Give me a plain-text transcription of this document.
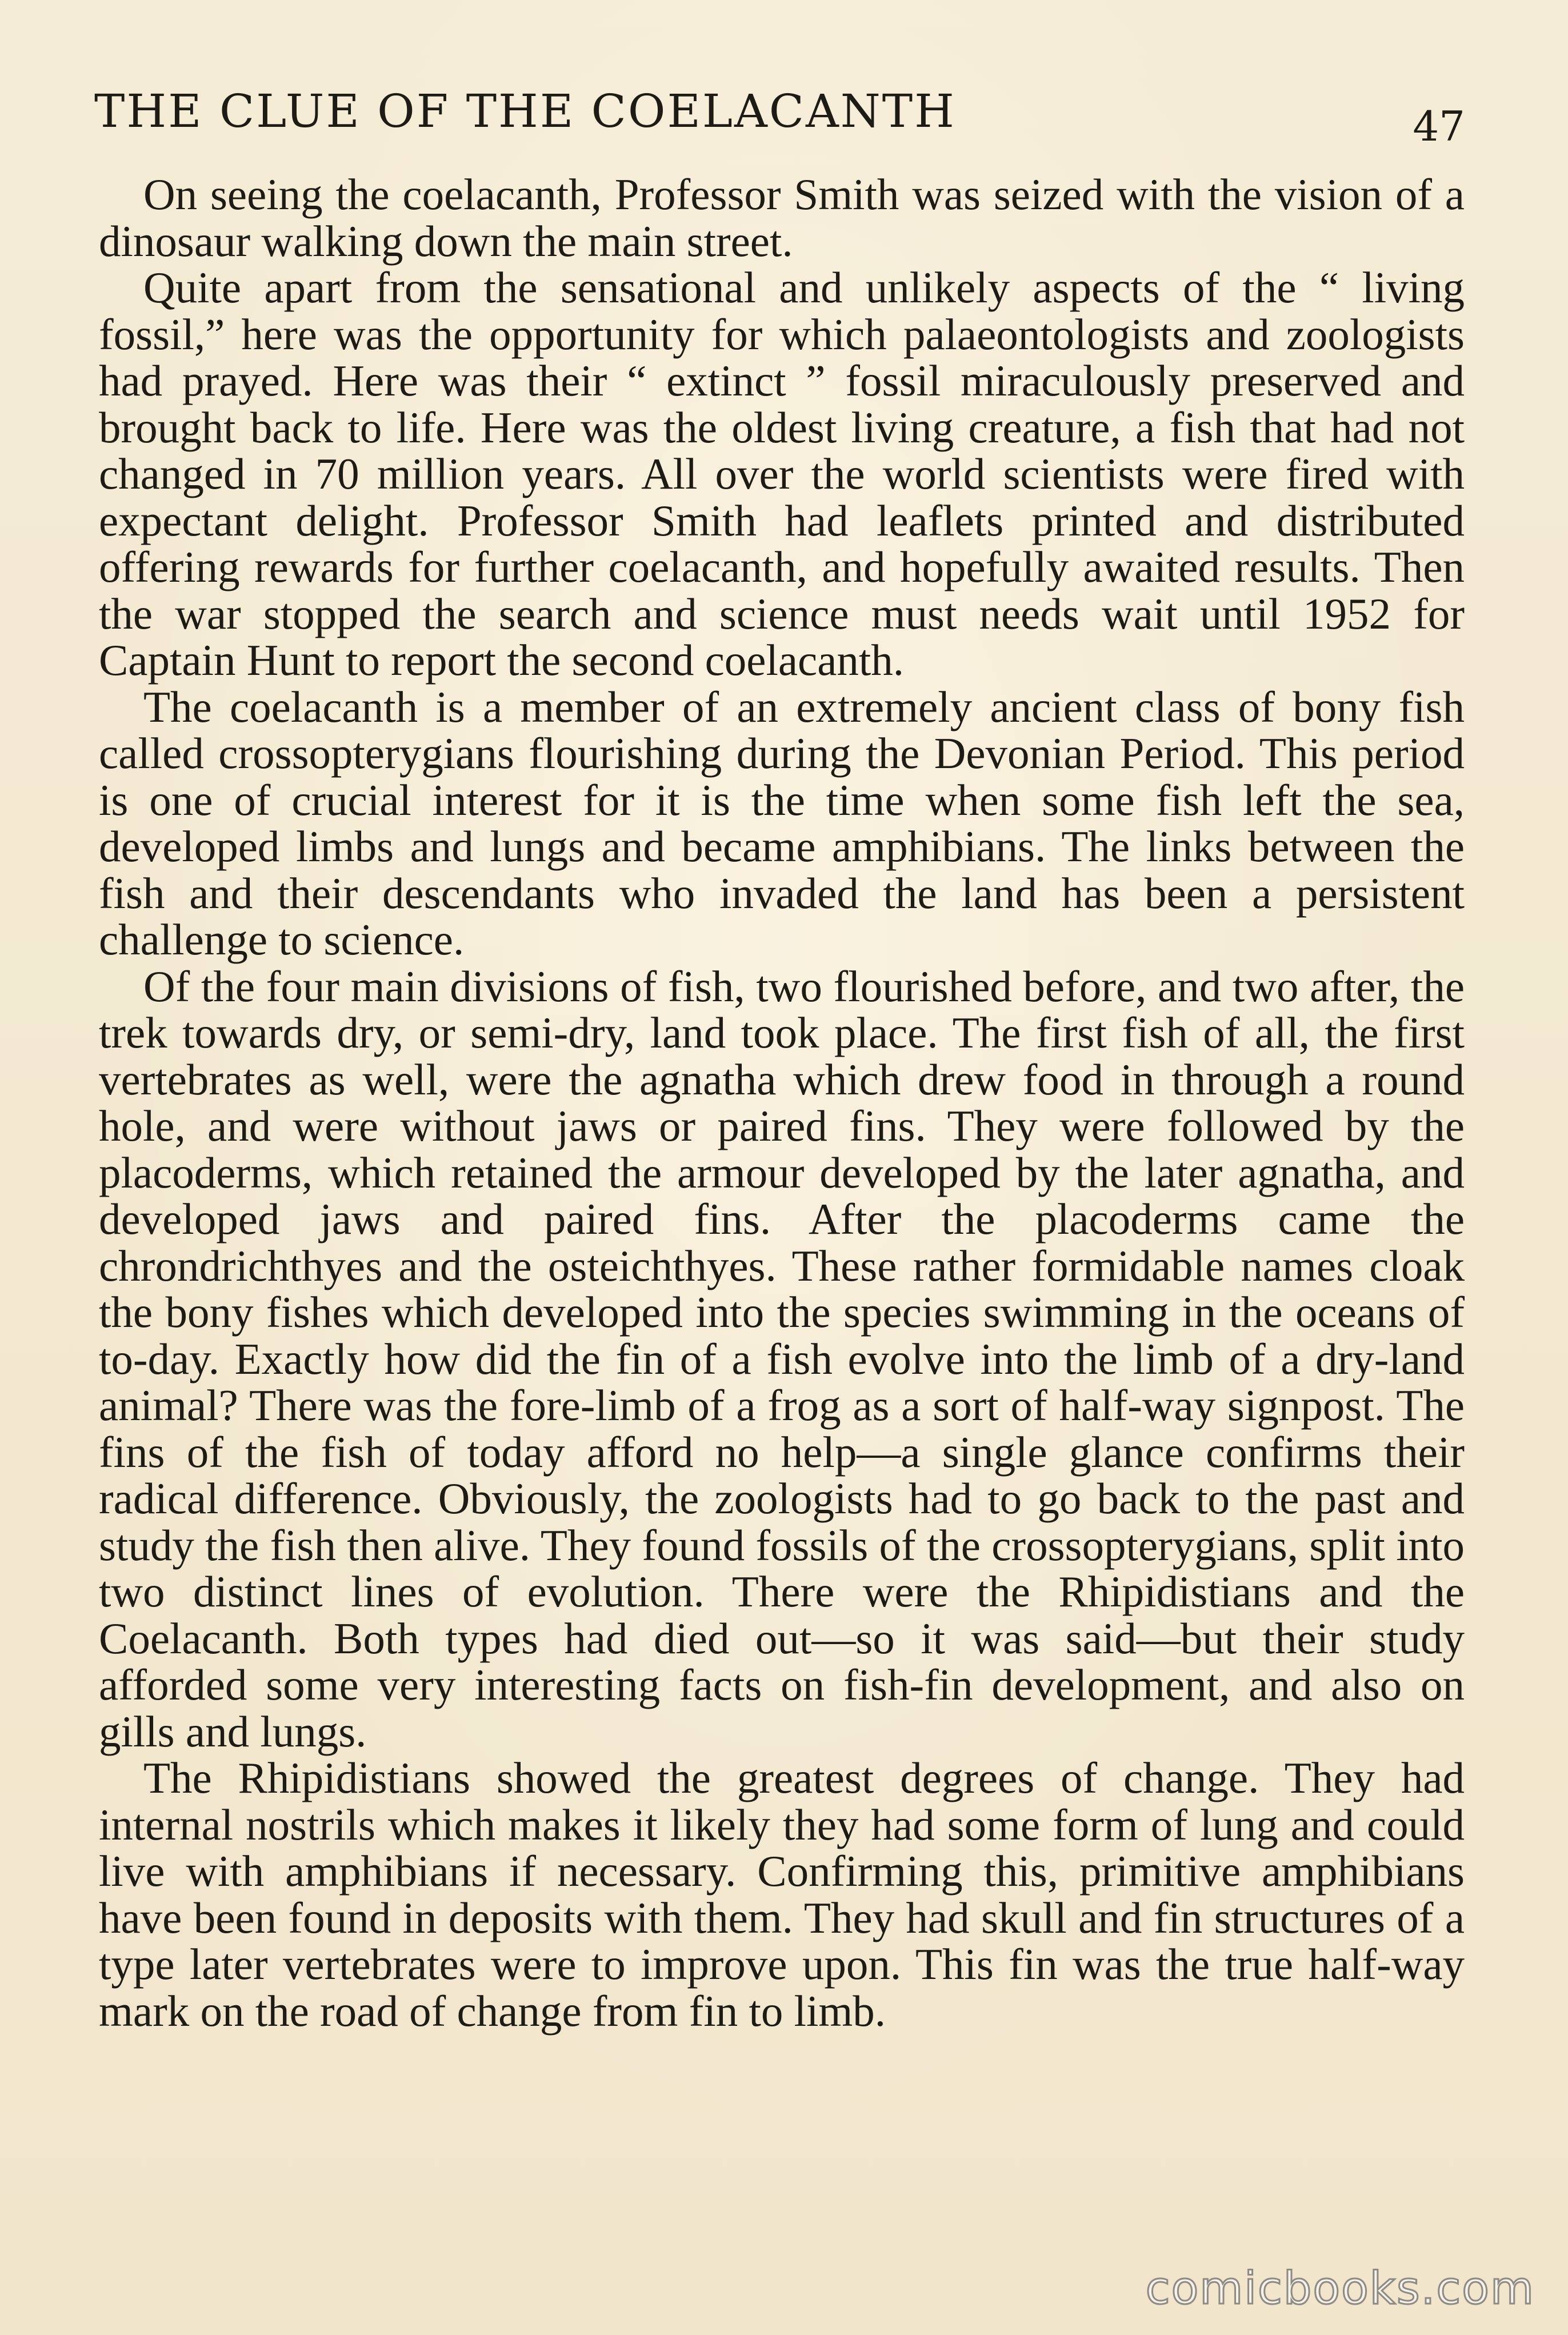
THE CLUE OF THE COELACANTH	47

On seeing the coelacanth, Professor Smith was seized with the vision of a dinosaur walking down the main street.

Quite apart from the sensational and unlikely aspects of the “ living fossil,” here was the opportunity for which palaeontologists and zoologists had prayed. Here was their “ extinct ” fossil miraculously preserved and brought back to life. Here was the oldest living creature, a fish that had not changed in 70 million years. All over the world scientists were fired with expectant delight. Professor Smith had leaflets printed and distributed offering rewards for further coelacanth, and hopefully awaited results. Then the war stopped the search and science must needs wait until 1952 for Captain Hunt to report the second coelacanth.

The coelacanth is a member of an extremely ancient class of bony fish called crossopterygians flourishing during the Devonian Period. This period is one of crucial interest for it is the time when some fish left the sea, developed limbs and lungs and became amphibians. The links between the fish and their descendants who invaded the land has been a persistent challenge to science.

Of the four main divisions of fish, two flourished before, and two after, the trek towards dry, or semi-dry, land took place. The first fish of all, the first vertebrates as well, were the agnatha which drew food in through a round hole, and were without jaws or paired fins. They were followed by the placoderms, which retained the armour developed by the later agnatha, and developed jaws and paired fins. After the placoderms came the chrondrichthyes and the osteichthyes. These rather formidable names cloak the bony fishes which developed into the species swimming in the oceans of to-day. Exactly how did the fin of a fish evolve into the limb of a dry-land animal? There was the fore-limb of a frog as a sort of half-way signpost. The fins of the fish of today afford no help—a single glance confirms their radical difference. Obviously, the zoologists had to go back to the past and study the fish then alive. They found fossils of the crossopterygians, split into two distinct lines of evolution. There were the Rhipidistians and the Coelacanth. Both types had died out—so it was said—but their study afforded some very interesting facts on fish-fin development, and also on gills and lungs.

The Rhipidistians showed the greatest degrees of change. They had internal nostrils which makes it likely they had some form of lung and could live with amphibians if necessary. Confirming this, primitive amphibians have been found in deposits with them. They had skull and fin structures of a type later vertebrates were to improve upon. This fin was the true half-way mark on the road of change from fin to limb.

comicbooks.com
